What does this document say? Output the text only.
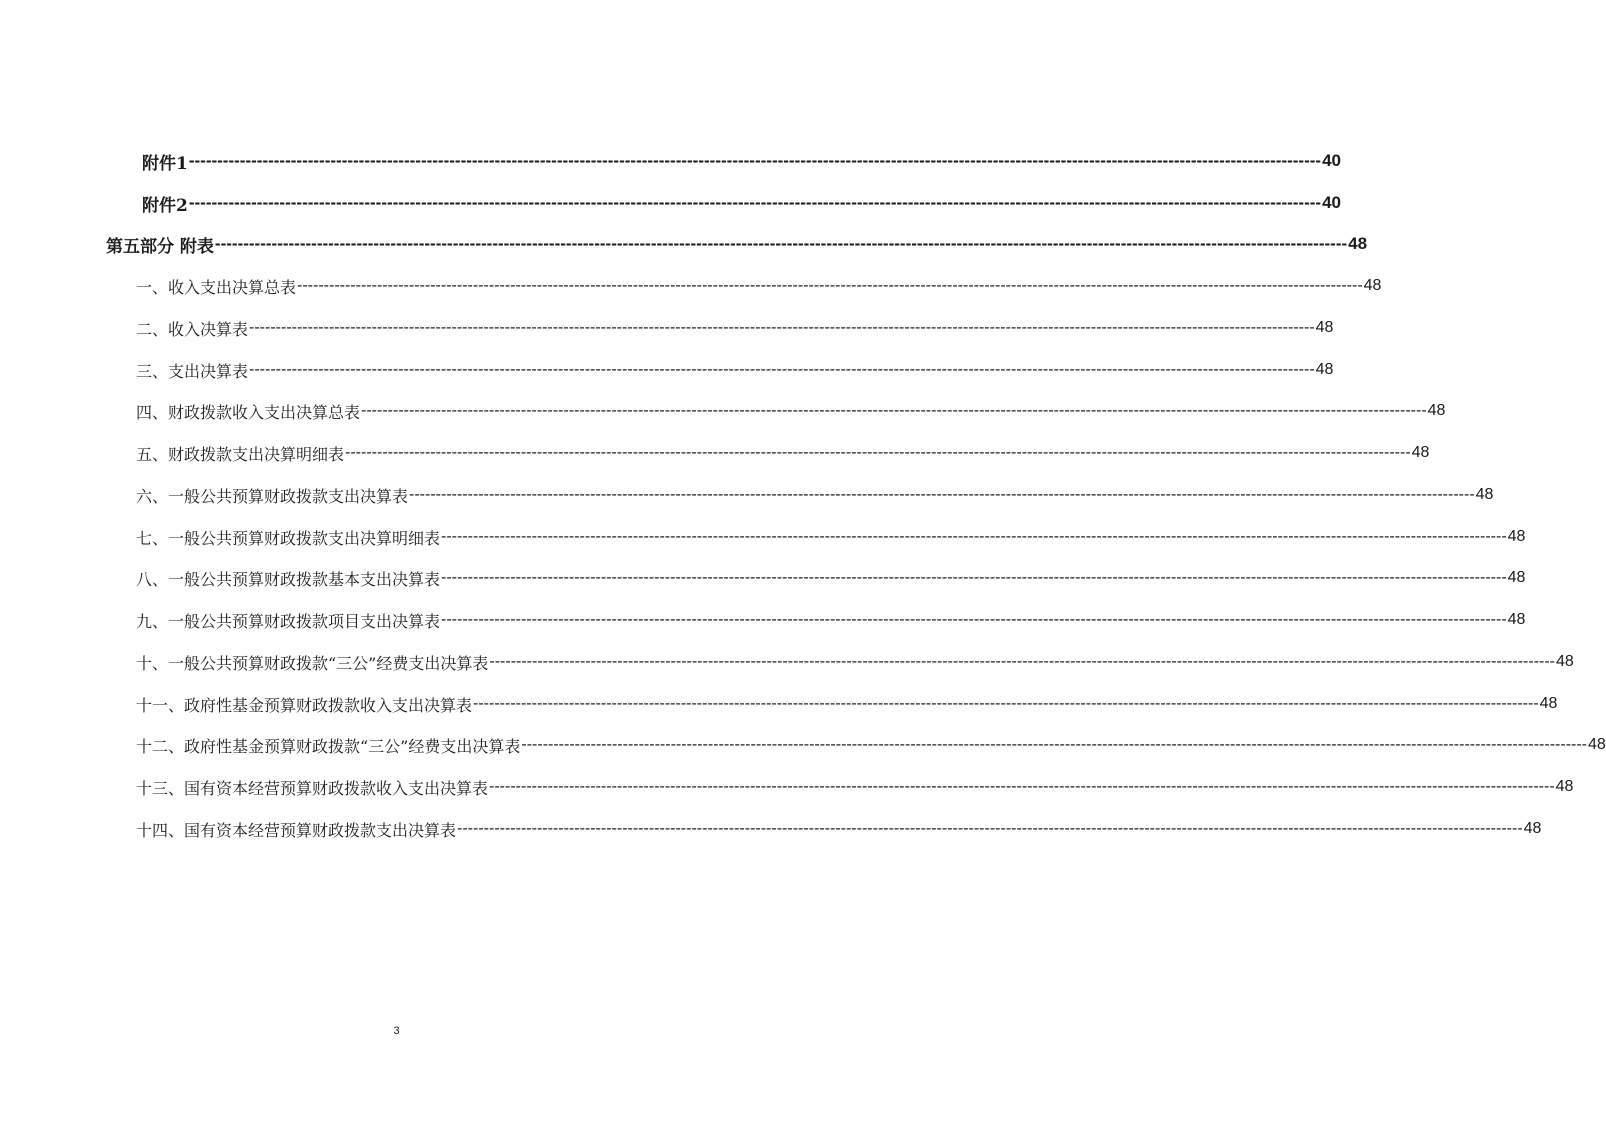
附件1 -------------------------------------------------------------------------------------------------------------------------------------------------------------------------------------------------------- 40
附件2 -------------------------------------------------------------------------------------------------------------------------------------------------------------------------------------------------------- 40
第五部分 附表 -------------------------------------------------------------------------------------------------------------------------------------------------------------------------------------------------------- 48
一、收入支出决算总表 -------------------------------------------------------------------------------------------------------------------------------------------------------------------------------------------------------- 48
二、收入决算表 -------------------------------------------------------------------------------------------------------------------------------------------------------------------------------------------------------- 48
三、支出决算表 -------------------------------------------------------------------------------------------------------------------------------------------------------------------------------------------------------- 48
四、财政拨款收入支出决算总表 -------------------------------------------------------------------------------------------------------------------------------------------------------------------------------------------------------- 48
五、财政拨款支出决算明细表 -------------------------------------------------------------------------------------------------------------------------------------------------------------------------------------------------------- 48
六、一般公共预算财政拨款支出决算表 -------------------------------------------------------------------------------------------------------------------------------------------------------------------------------------------------------- 48
七、一般公共预算财政拨款支出决算明细表 -------------------------------------------------------------------------------------------------------------------------------------------------------------------------------------------------------- 48
八、一般公共预算财政拨款基本支出决算表 -------------------------------------------------------------------------------------------------------------------------------------------------------------------------------------------------------- 48
九、一般公共预算财政拨款项目支出决算表 -------------------------------------------------------------------------------------------------------------------------------------------------------------------------------------------------------- 48
十、一般公共预算财政拨款“三公”经费支出决算表 -------------------------------------------------------------------------------------------------------------------------------------------------------------------------------------------------------- 48
十一、政府性基金预算财政拨款收入支出决算表 -------------------------------------------------------------------------------------------------------------------------------------------------------------------------------------------------------- 48
十二、政府性基金预算财政拨款“三公”经费支出决算表 -------------------------------------------------------------------------------------------------------------------------------------------------------------------------------------------------------- 48
十三、国有资本经营预算财政拨款收入支出决算表 -------------------------------------------------------------------------------------------------------------------------------------------------------------------------------------------------------- 48
十四、国有资本经营预算财政拨款支出决算表 -------------------------------------------------------------------------------------------------------------------------------------------------------------------------------------------------------- 48
3
